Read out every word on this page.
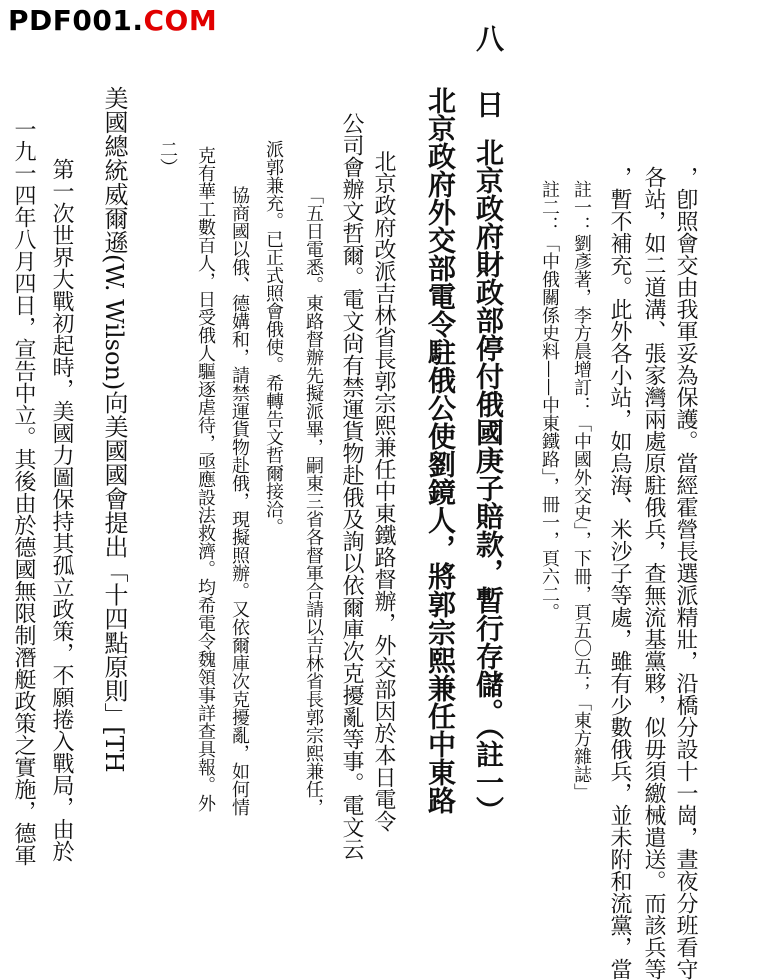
PDF001.COM
八
日
，卽照會交由我軍妥為保護。當經霍營長選派精壯，沿橋分設十一崗，晝夜分班看守
各站，如二道溝、張家灣兩處原駐俄兵，查無流基黨夥，似毋須繳械遣送。而該兵等
，暫不補充。此外各小站，如烏海、米沙子等處，雖有少數俄兵，並未附和流黨，當
註一：劉彥著，李方晨增訂：「中國外交史」，下冊，頁五〇五；「東方雜誌」
註二：「中俄關係史料——中東鐵路」，冊一，頁六二。
北京政府財政部停付俄國庚子賠款，暫行存儲。（註一）
北京政府外交部電令駐俄公使劉鏡人，將郭宗熙兼任中東路
北京政府改派吉林省長郭宗熙兼任中東鐵路督辦，外交部因於本日電令
公司會辦文哲爾。電文尙有禁運貨物赴俄及詢以依爾庫次克擾亂等事。電文云
「五日電悉。東路督辦先擬派畢，嗣東三省各督軍合請以吉林省長郭宗熙兼任，
派郭兼充。已正式照會俄使。希轉告文哲爾接洽。
協商國以俄、德媾和，請禁運貨物赴俄，現擬照辦。又依爾庫次克擾亂，如何情
克有華工數百人，日受俄人驅逐虐待，亟應設法救濟。均希電令魏領事詳查具報。外
二）
美國總統威爾遜(W. Wilson)向美國國會提出「十四點原則」[TH
第一次世界大戰初起時，美國力圖保持其孤立政策，不願捲入戰局，由於
一九一四年八月四日，宣告中立。其後由於德國無限制潛艇政策之實施，德軍
